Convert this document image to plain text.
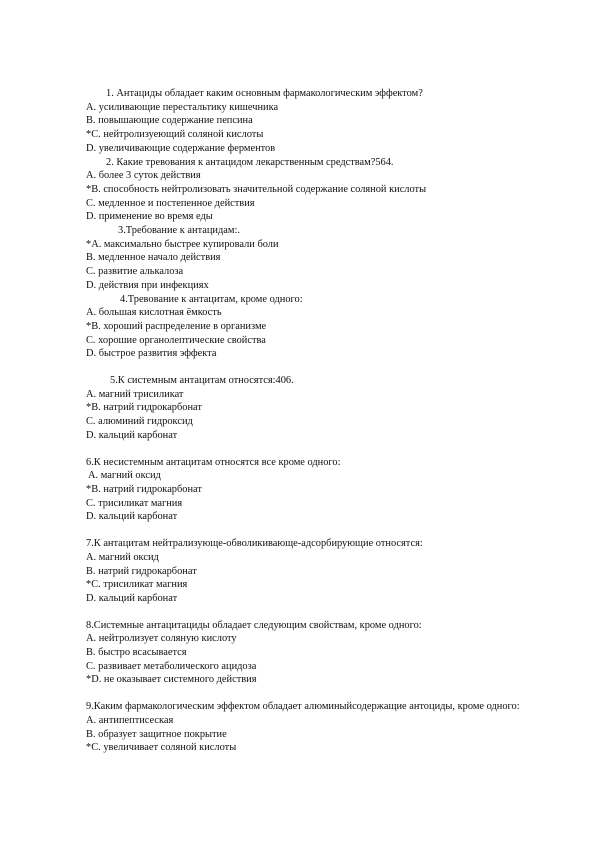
1. Антациды обладает каким основным фармакологическим эффектом?
A. усиливающие перестальтику кишечника
B. повышающие содержание пепсина
*C. нейтролизуеющий соляной кислоты
D. увеличивающие содержание ферментов
2. Какие тревования к антацидом лекарственным средствам?564.
A. более 3 суток действия
*B. способность нейтролизовать значительной содержание соляной кислоты
C. медленное и постепенное действия
D. применение во время еды
3.Требование к антацидам:.
*A. максимально быстрее купировали боли
B. медленное начало действия
C. развитие алькалоза
D. действия при инфекциях
4.Тревование к антацитам, кроме одного:
A. большая кислотная ёмкость
*B. хороший распределение в организме
C. хорошие органолептические свойства
D. быстрое развития эффекта
5.К системным антацитам относятся:406.
A. магний трисиликат
*B. натрий гидрокарбонат
C. алюминий гидроксид
D. кальций карбонат
6.К несистемным антацитам относятся все кроме одного:
A. магний оксид
*B. натрий гидрокарбонат
C. трисиликат магния
D. кальций карбонат
7.К антацитам нейтрализующе-обволикивающе-адсорбирующие относятся:
A. магний оксид
B. натрий гидрокарбонат
*C. трисиликат магния
D. кальций карбонат
8.Системные антацитациды обладает следующим свойствам, кроме одного:
A. нейтролизует соляную кислоту
B. быстро всасывается
C. развивает метаболического ацидоза
*D. не оказывает системного действия
9.Каким фармакологическим эффектом обладает алюминыйсодержащие антоциды, кроме одного:
A. антипептисеская
B. образует защитное покрытие
*C. увеличивает соляной кислоты
